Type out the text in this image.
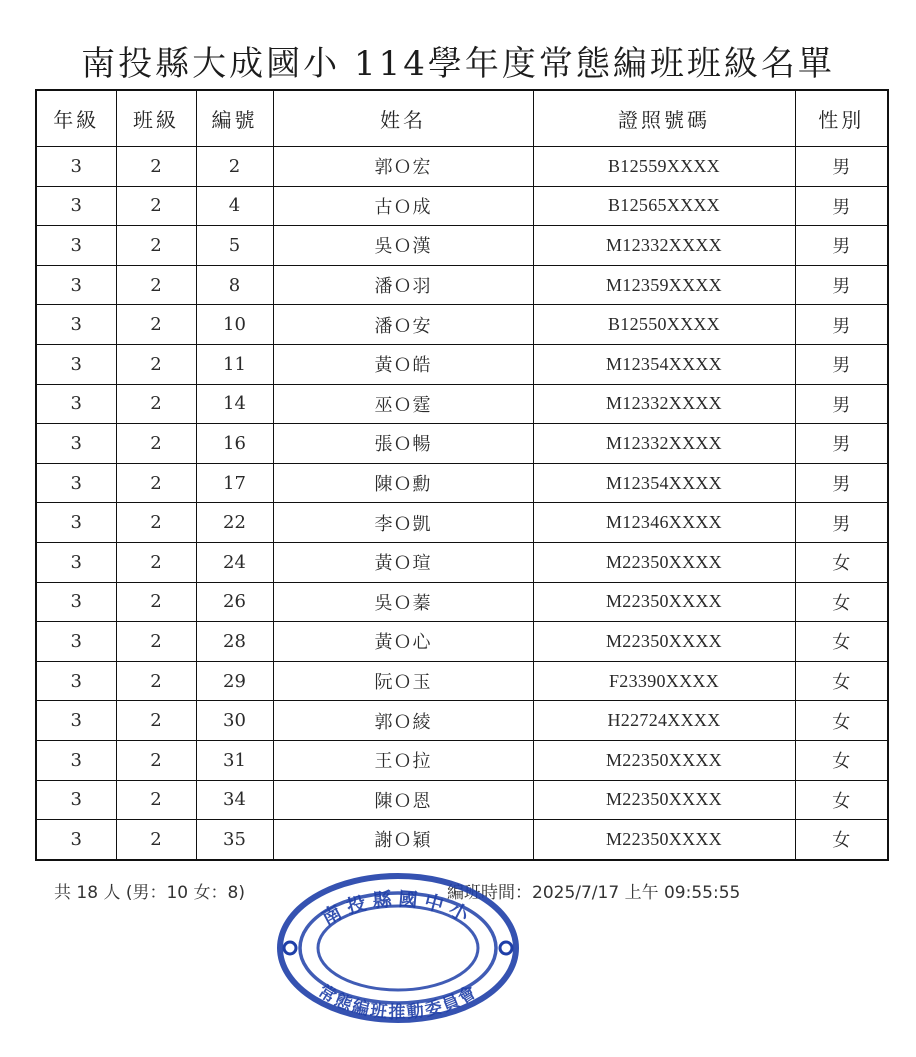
南投縣大成國小 114學年度常態編班班級名單
年級	班級	編號	姓名	證照號碼	性別
3	2	2	郭Ｏ宏	B12559XXXX	男
3	2	4	古Ｏ成	B12565XXXX	男
3	2	5	吳Ｏ漢	M12332XXXX	男
3	2	8	潘Ｏ羽	M12359XXXX	男
3	2	10	潘Ｏ安	B12550XXXX	男
3	2	11	黃Ｏ皓	M12354XXXX	男
3	2	14	巫Ｏ霆	M12332XXXX	男
3	2	16	張Ｏ暢	M12332XXXX	男
3	2	17	陳Ｏ勳	M12354XXXX	男
3	2	22	李Ｏ凱	M12346XXXX	男
3	2	24	黃Ｏ瑄	M22350XXXX	女
3	2	26	吳Ｏ蓁	M22350XXXX	女
3	2	28	黃Ｏ心	M22350XXXX	女
3	2	29	阮Ｏ玉	F23390XXXX	女
3	2	30	郭Ｏ綾	H22724XXXX	女
3	2	31	王Ｏ拉	M22350XXXX	女
3	2	34	陳Ｏ恩	M22350XXXX	女
3	2	35	謝Ｏ穎	M22350XXXX	女
共 18 人 (男：10 女：8)	編班時間：2025/7/17 上午 09:55:55
南投縣國中小
常態編班推動委員會
